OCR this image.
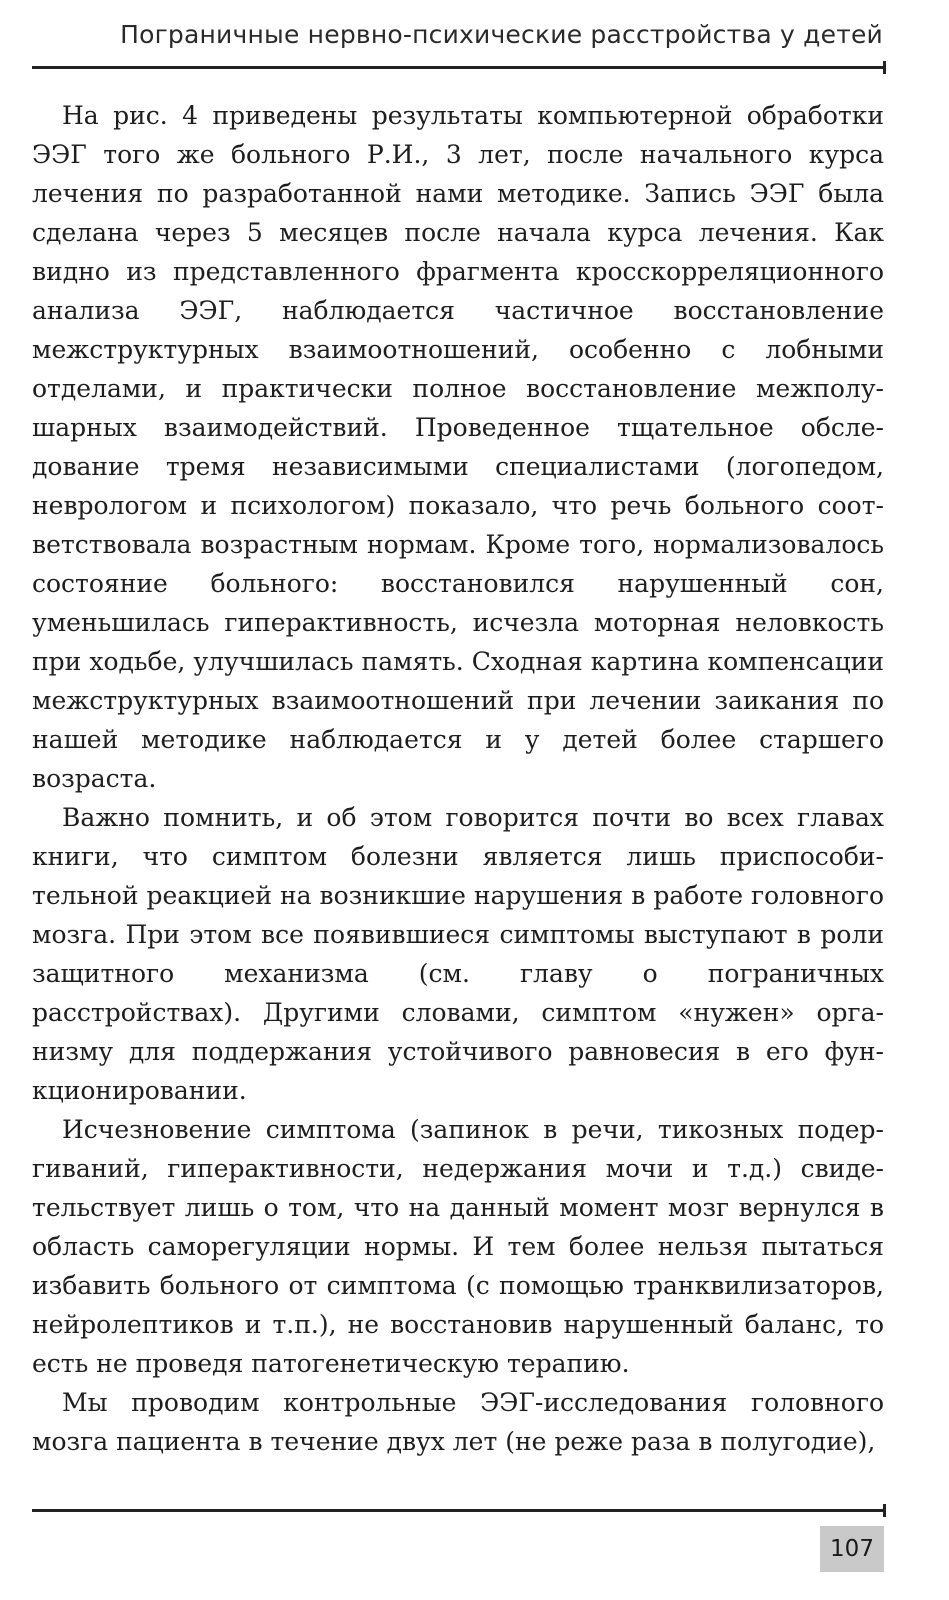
Пограничные нервно-психические расстройства у детей

На рис. 4 приведены результаты компьютерной обработки ЭЭГ того же больного Р.И., 3 лет, после начального курса лечения по разработанной нами методике. Запись ЭЭГ была сделана через 5 месяцев после начала курса лечения. Как видно из представленного фрагмента кросскорреляционного анализа ЭЭГ, наблюдается частичное восстановление межструктурных взаимоотношений, особенно с лобными отделами, и практически полное восстановление межполушарных взаимодействий. Проведенное тщательное обследование тремя независимыми специалистами (логопедом, неврологом и психологом) показало, что речь больного соответствовала возрастным нормам. Кроме того, нормализовалось состояние больного: восстановился нарушенный сон, уменьшилась гиперактивность, исчезла моторная неловкость при ходьбе, улучшилась память. Сходная картина компенсации межструктурных взаимоотношений при лечении заикания по нашей методике наблюдается и у детей более старшего возраста.

Важно помнить, и об этом говорится почти во всех главах книги, что симптом болезни является лишь приспособительной реакцией на возникшие нарушения в работе головного мозга. При этом все появившиеся симптомы выступают в роли защитного механизма (см. главу о пограничных расстройствах). Другими словами, симптом «нужен» организму для поддержания устойчивого равновесия в его функционировании.

Исчезновение симптома (запинок в речи, тикозных подергиваний, гиперактивности, недержания мочи и т.д.) свидетельствует лишь о том, что на данный момент мозг вернулся в область саморегуляции нормы. И тем более нельзя пытаться избавить больного от симптома (с помощью транквилизаторов, нейролептиков и т.п.), не восстановив нарушенный баланс, то есть не проведя патогенетическую терапию.

Мы проводим контрольные ЭЭГ-исследования головного мозга пациента в течение двух лет (не реже раза в полугодие),

107
